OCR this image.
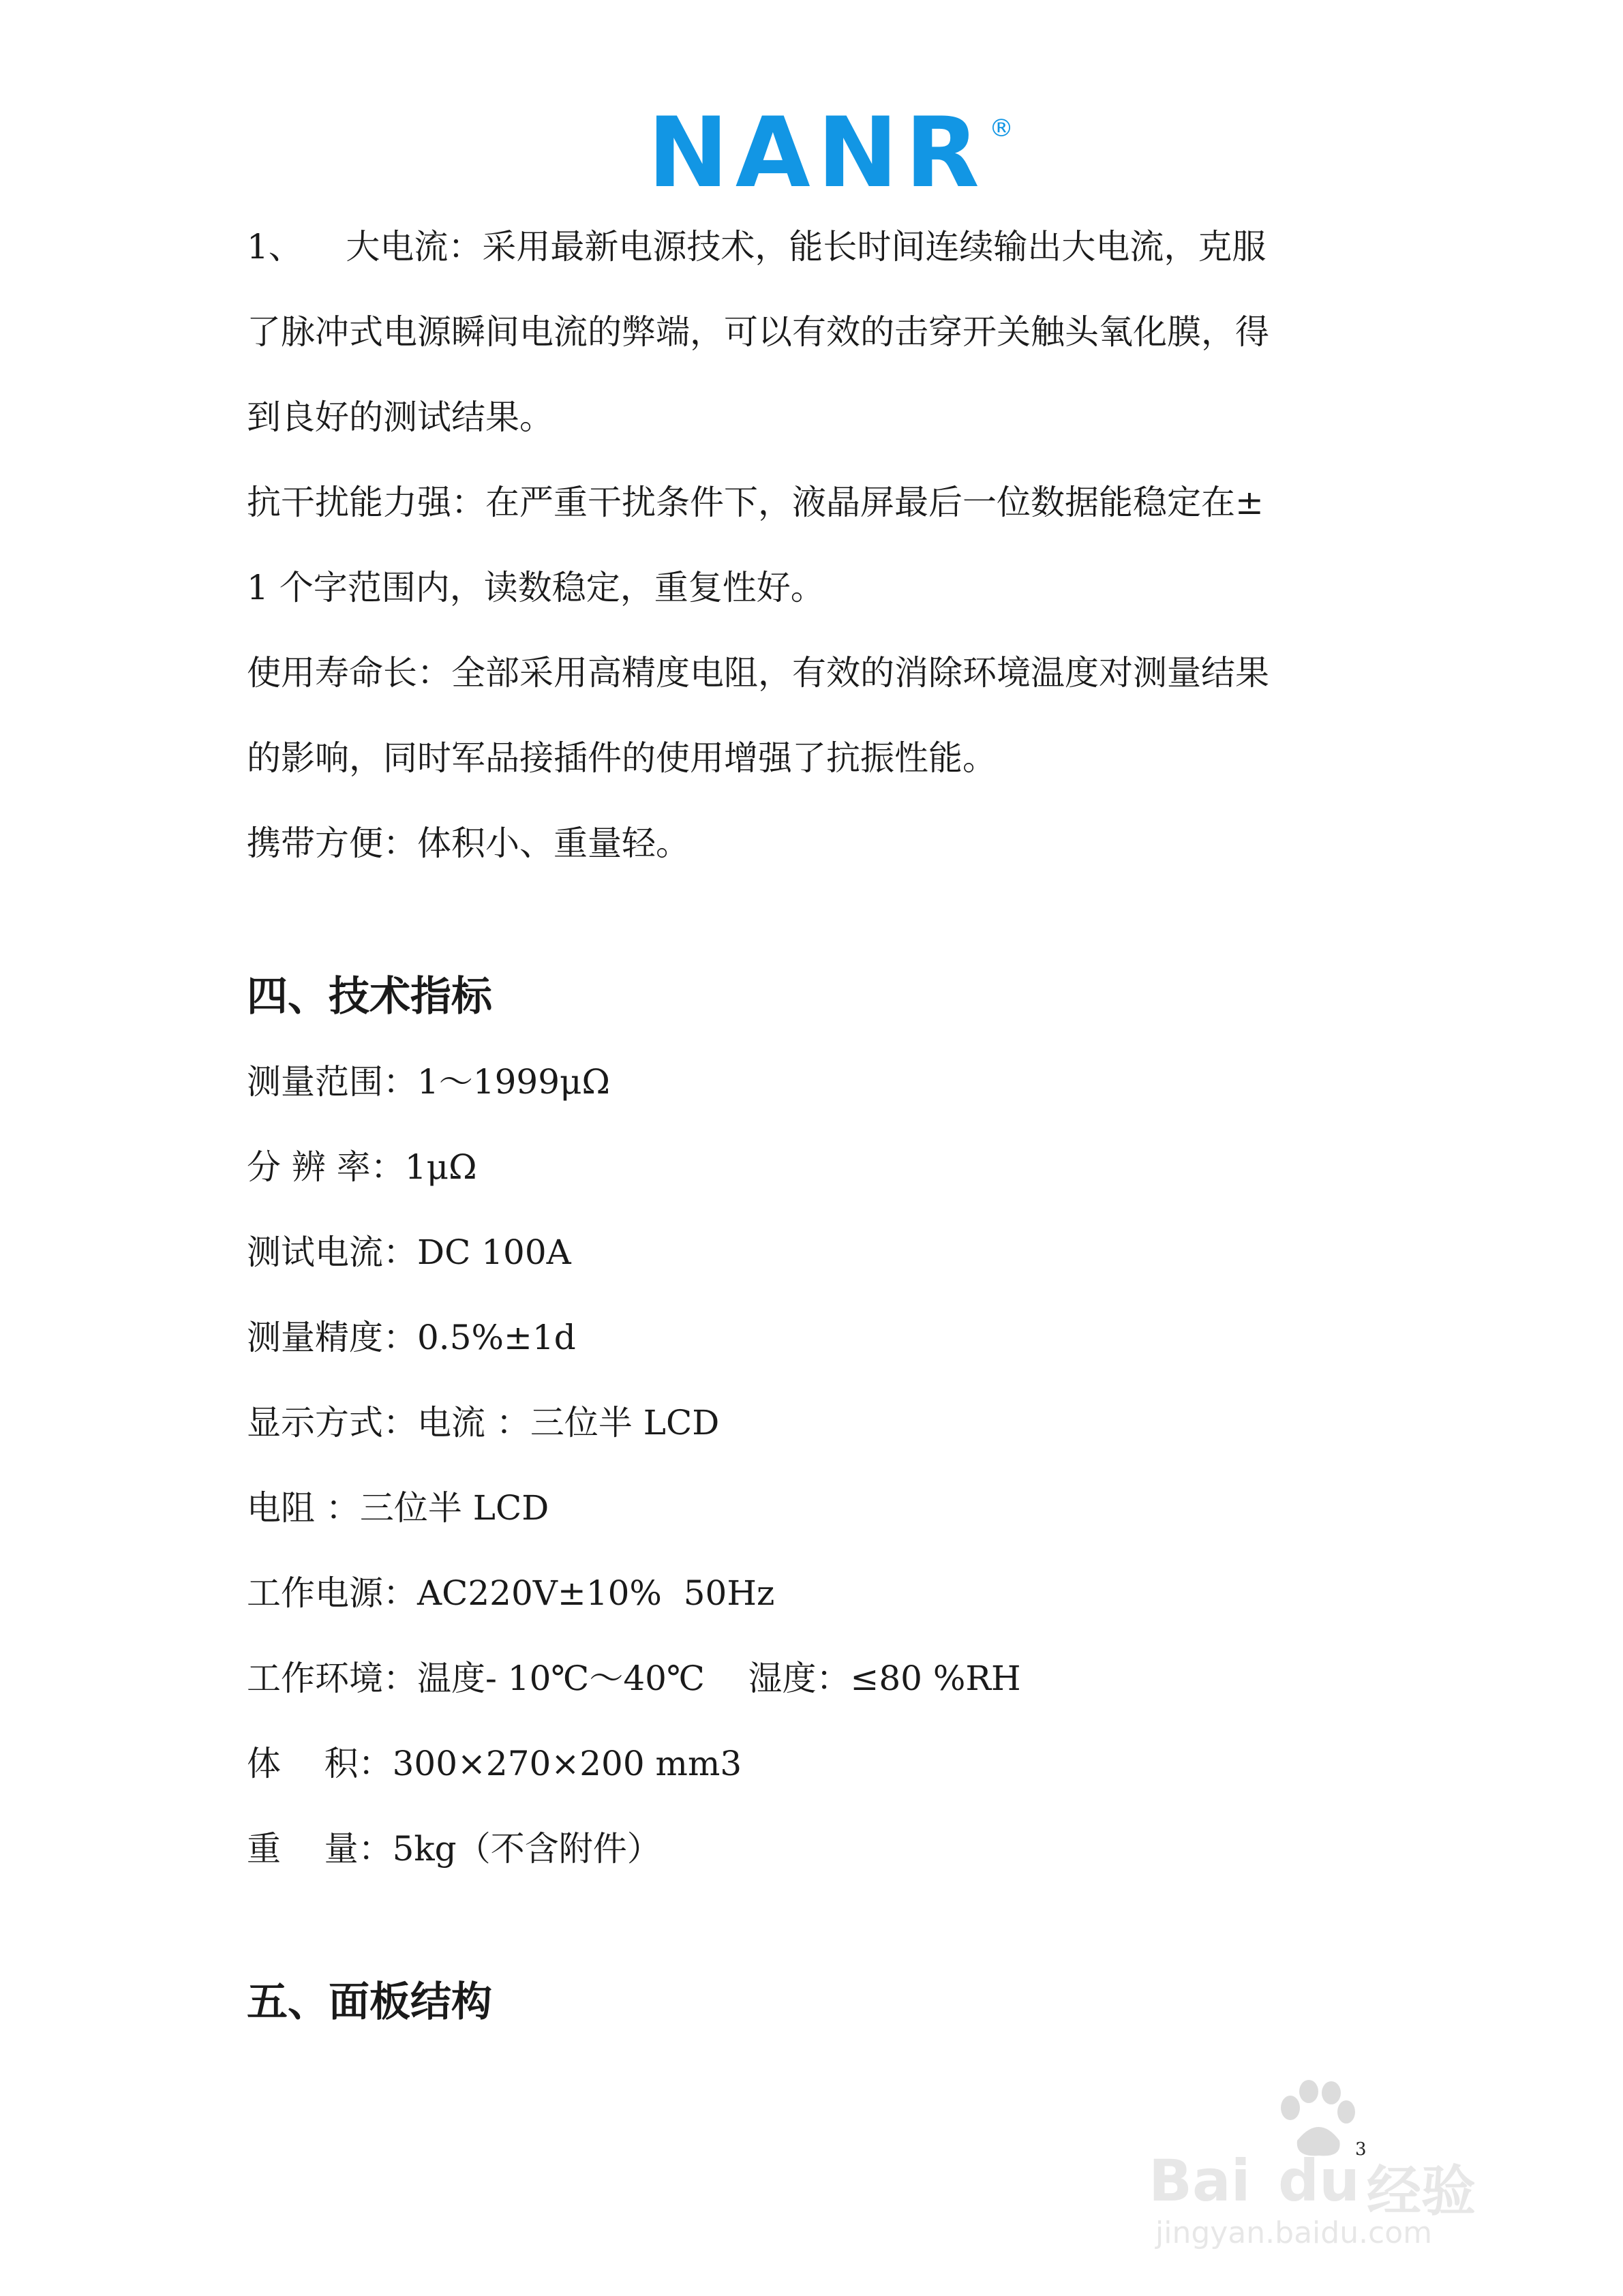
NANR ®
1、    大电流：采用最新电源技术，能长时间连续输出大电流，克服
了脉冲式电源瞬间电流的弊端，可以有效的击穿开关触头氧化膜，得
到良好的测试结果。
抗干扰能力强：在严重干扰条件下，液晶屏最后一位数据能稳定在±
1 个字范围内，读数稳定，重复性好。
使用寿命长：全部采用高精度电阻，有效的消除环境温度对测量结果
的影响，同时军品接插件的使用增强了抗振性能。
携带方便：体积小、重量轻。
四、技术指标
测量范围：1～1999μΩ
分 辨 率：1μΩ
测试电流：DC 100A
测量精度：0.5%±1d
显示方式：电流 ：三位半 LCD
电阻 ：三位半 LCD
工作电源：AC220V±10%  50Hz
工作环境：温度- 10℃～40℃    湿度：≤80 %RH
体    积：300×270×200 mm3
重    量：5kg（不含附件）
五、面板结构
3
Bai du 经验
jingyan.baidu.com
